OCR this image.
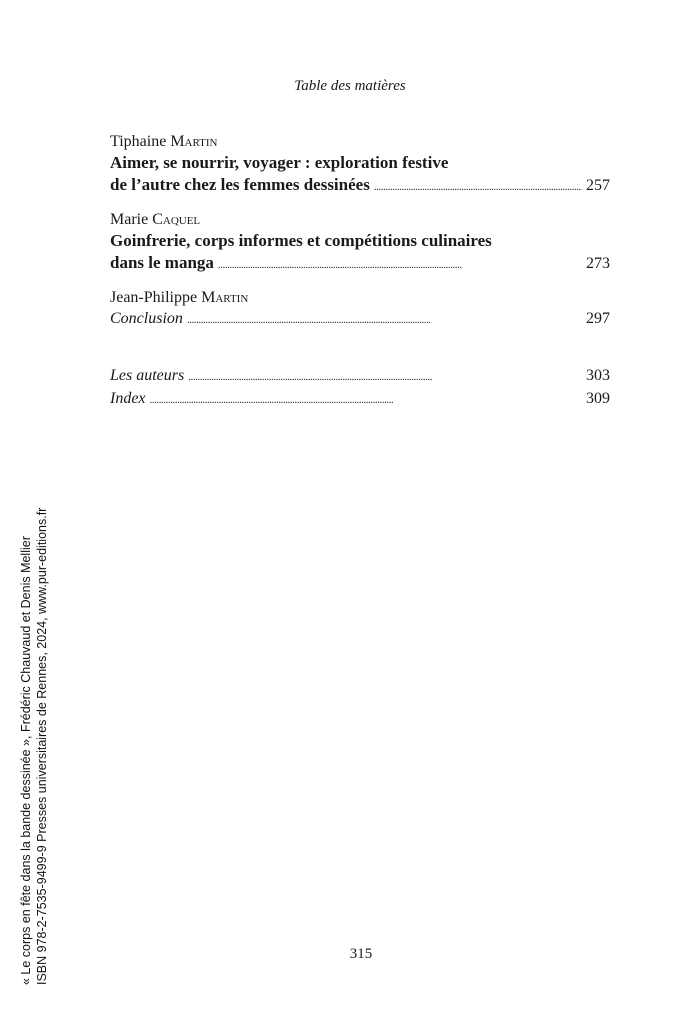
Table des matières

Tiphaine Martin

Aimer, se nourrir, voyager : exploration festive
de l’autre chez les femmes dessinées . . .	257

Marie Caquel

Goinfrerie, corps informes et compétitions culinaires
dans le manga . . .	273

Jean-Philippe Martin

Conclusion . . .	297
Les auteurs . . .	303
Index . . .	309
« Le corps en fête dans la bande dessinée », Frédéric Chauvaud et Denis Mellier ISBN 978-2-7535-9499-9 Presses universitaires de Rennes, 2024, www.pur-editions.fr	315
